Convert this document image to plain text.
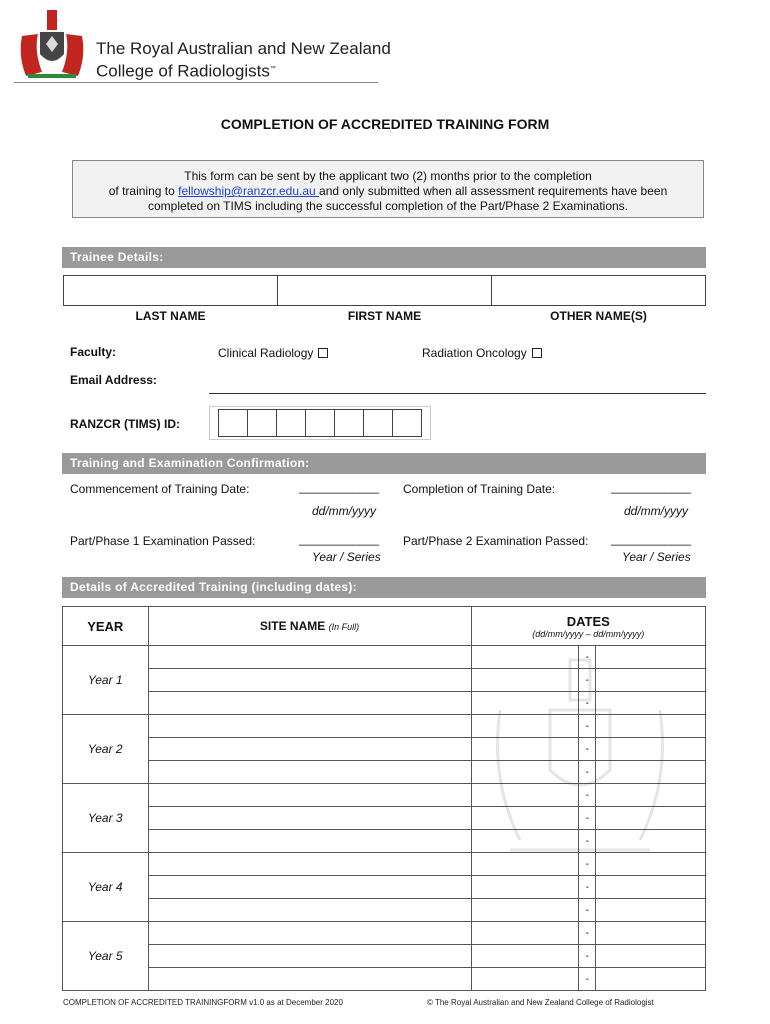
The Royal Australian and New Zealand
College of Radiologists™
COMPLETION OF ACCREDITED TRAINING FORM
This form can be sent by the applicant two (2) months prior to the completion
of training to fellowship@ranzcr.edu.au and only submitted when all assessment requirements have been
completed on TIMS including the successful completion of the Part/Phase 2 Examinations.
Trainee Details:
LAST NAME	FIRST NAME	OTHER NAME(S)
Faculty:	Clinical Radiology	Radiation Oncology
Email Address:
RANZCR (TIMS) ID:
Training and Examination Confirmation:
Commencement of Training Date:	____________
dd/mm/yyyy
Completion of Training Date:	____________
dd/mm/yyyy
Part/Phase 1 Examination Passed:	____________
Year / Series
Part/Phase 2 Examination Passed: ____________
Year / Series
Details of Accredited Training (including dates):
YEAR	SITE NAME (In Full)	DATES
(dd/mm/yyyy – dd/mm/yyyy)		

Year 1			-	
			-	
			-	
Year 2			-	
			-	
			-	
Year 3			-	
			-	
			-	
Year 4			-	
			-	
			-	
Year 5			-	
			-	
			-	
COMPLETION OF ACCREDITED TRAININGFORM v1.0 as at December 2020	© The Royal Australian and New Zealand College of Radiologist
